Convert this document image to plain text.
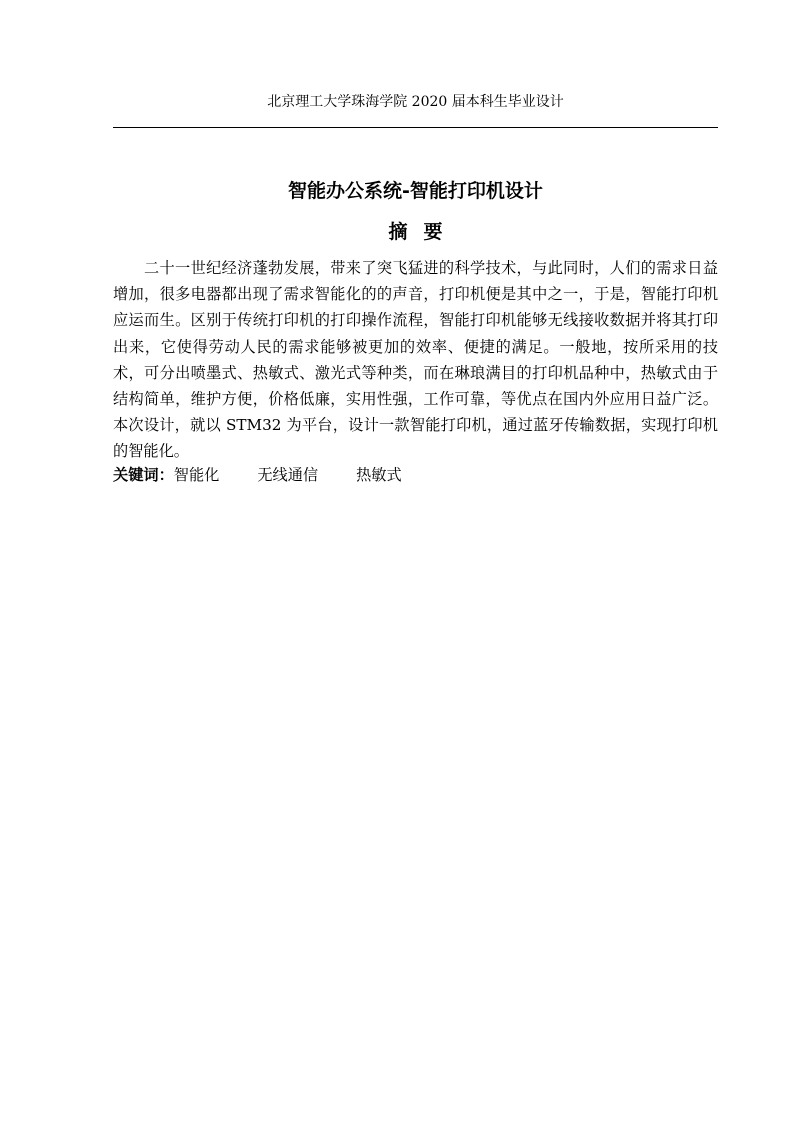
北京理工大学珠海学院 2020 届本科生毕业设计
智能办公系统-智能打印机设计
摘要

二十一世纪经济蓬勃发展，带来了突飞猛进的科学技术，与此同时，人们的需求日益增加，很多电器都出现了需求智能化的的声音，打印机便是其中之一，于是，智能打印机应运而生。区别于传统打印机的打印操作流程，智能打印机能够无线接收数据并将其打印出来，它使得劳动人民的需求能够被更加的效率、便捷的满足。一般地，按所采用的技术，可分出喷墨式、热敏式、激光式等种类，而在琳琅满目的打印机品种中，热敏式由于结构简单，维护方便，价格低廉，实用性强，工作可靠，等优点在国内外应用日益广泛。本次设计，就以 STM32 为平台，设计一款智能打印机，通过蓝牙传输数据，实现打印机的智能化。

关键词：智能化	无线通信	热敏式
